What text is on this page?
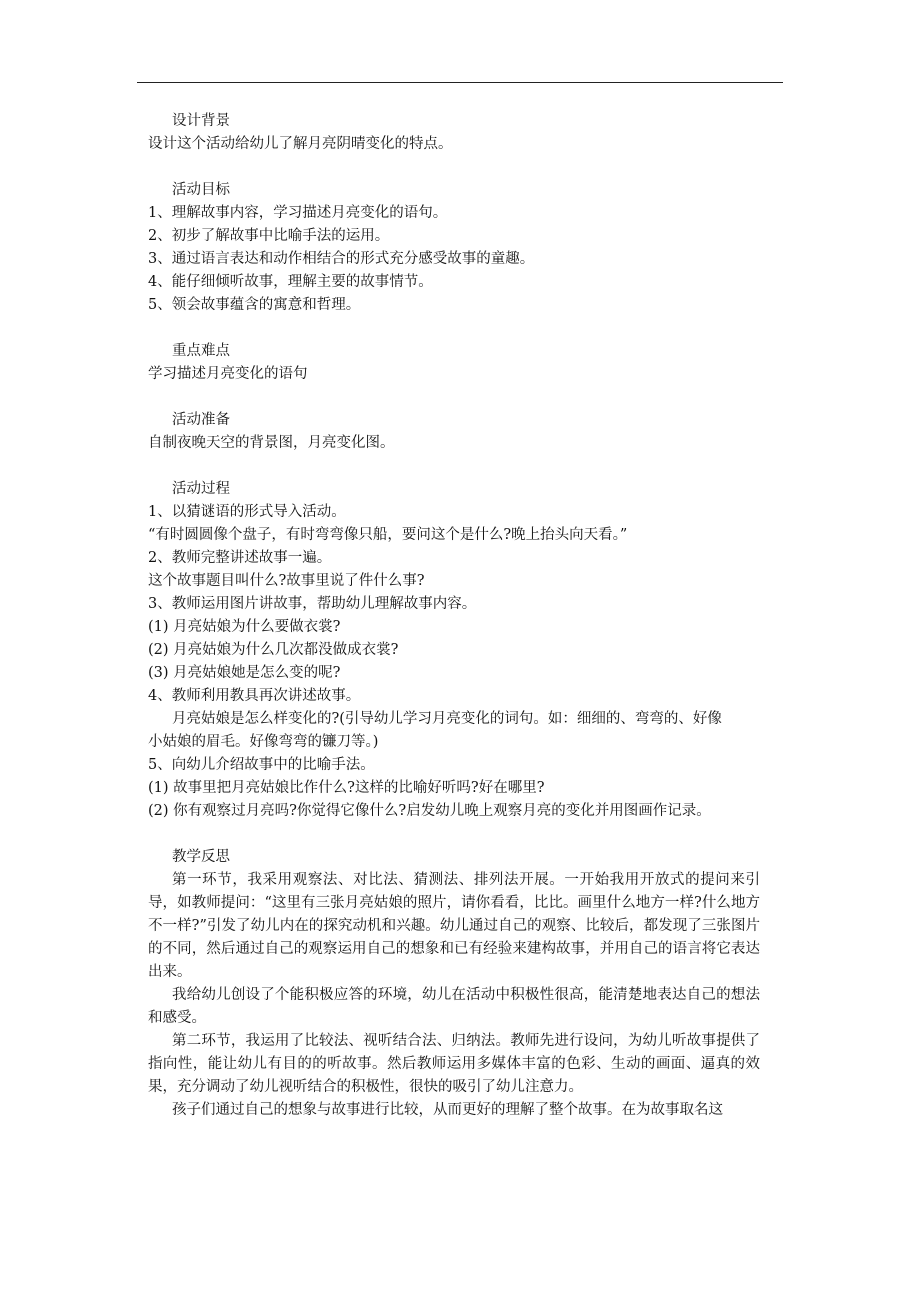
设计背景
设计这个活动给幼儿了解月亮阴晴变化的特点。
活动目标
1、理解故事内容，学习描述月亮变化的语句。
2、初步了解故事中比喻手法的运用。
3、通过语言表达和动作相结合的形式充分感受故事的童趣。
4、能仔细倾听故事，理解主要的故事情节。
5、领会故事蕴含的寓意和哲理。
重点难点
学习描述月亮变化的语句
活动准备
自制夜晚天空的背景图，月亮变化图。
活动过程
1、以猜谜语的形式导入活动。
“有时圆圆像个盘子，有时弯弯像只船，要问这个是什么?晚上抬头向天看。”
2、教师完整讲述故事一遍。
这个故事题目叫什么?故事里说了件什么事?
3、教师运用图片讲故事，帮助幼儿理解故事内容。
(1) 月亮姑娘为什么要做衣裳?
(2) 月亮姑娘为什么几次都没做成衣裳?
(3) 月亮姑娘她是怎么变的呢?
4、教师利用教具再次讲述故事。
月亮姑娘是怎么样变化的?(引导幼儿学习月亮变化的词句。如：细细的、弯弯的、好像
小姑娘的眉毛。好像弯弯的镰刀等。)
5、向幼儿介绍故事中的比喻手法。
(1) 故事里把月亮姑娘比作什么?这样的比喻好听吗?好在哪里?
(2) 你有观察过月亮吗?你觉得它像什么?启发幼儿晚上观察月亮的变化并用图画作记录。
教学反思
第一环节，我采用观察法、对比法、猜测法、排列法开展。一开始我用开放式的提问来引导，如教师提问：“这里有三张月亮姑娘的照片，请你看看，比比。画里什么地方一样?什么地方不一样?”引发了幼儿内在的探究动机和兴趣。幼儿通过自己的观察、比较后，都发现了三张图片的不同，然后通过自己的观察运用自己的想象和已有经验来建构故事，并用自己的语言将它表达出来。
我给幼儿创设了个能积极应答的环境，幼儿在活动中积极性很高，能清楚地表达自己的想法和感受。
第二环节，我运用了比较法、视听结合法、归纳法。教师先进行设问，为幼儿听故事提供了指向性，能让幼儿有目的的听故事。然后教师运用多媒体丰富的色彩、生动的画面、逼真的效果，充分调动了幼儿视听结合的积极性，很快的吸引了幼儿注意力。
孩子们通过自己的想象与故事进行比较，从而更好的理解了整个故事。在为故事取名这
